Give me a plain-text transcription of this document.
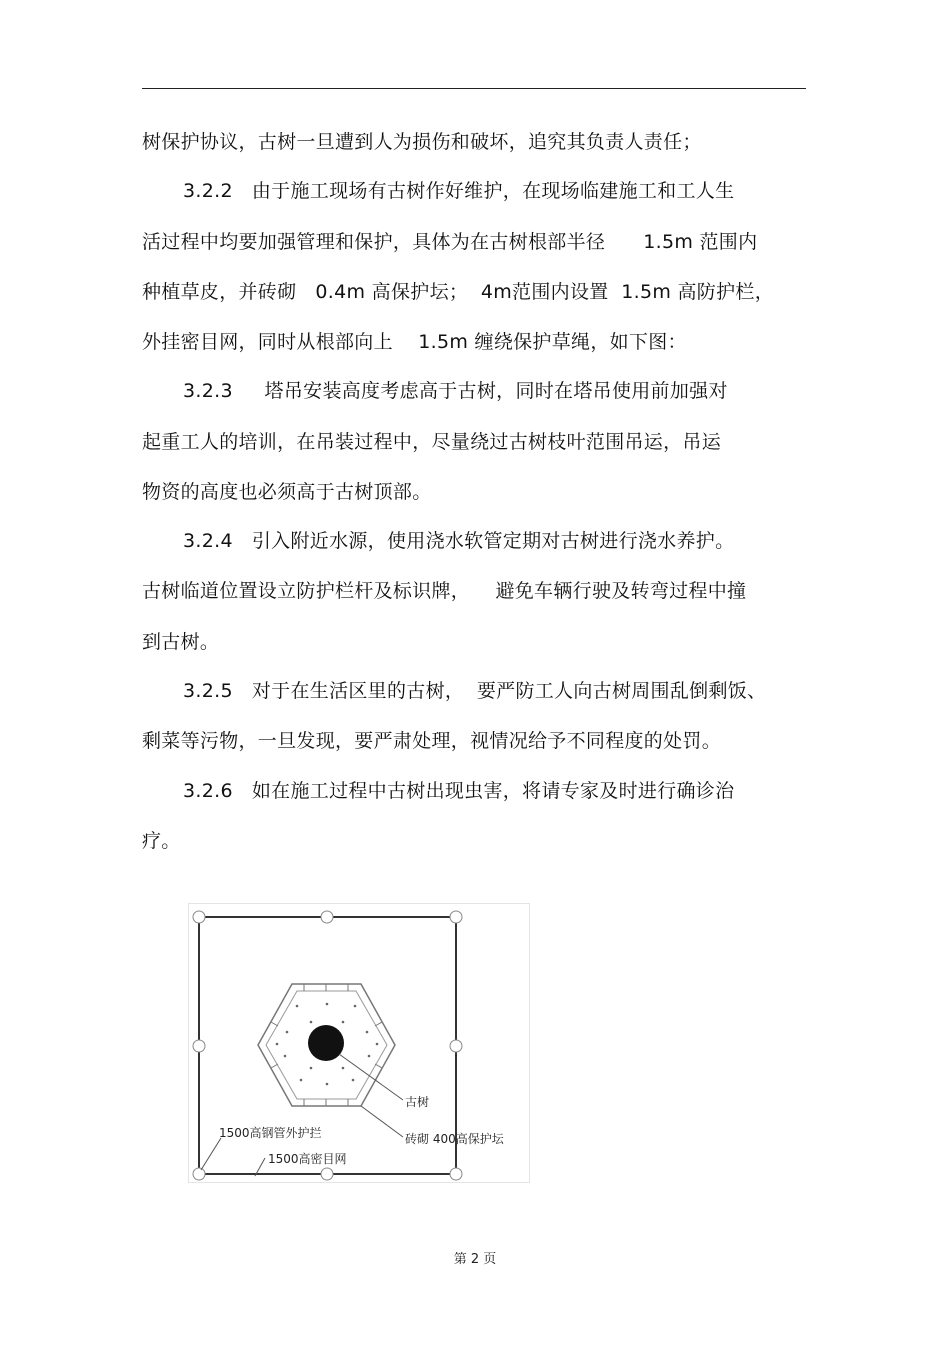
树保护协议，古树一旦遭到人为损伤和破坏，追究其负责人责任；
3.2.2   由于施工现场有古树作好维护，在现场临建施工和工人生
活过程中均要加强管理和保护，具体为在古树根部半径      1.5m 范围内
种植草皮，并砖砌   0.4m 高保护坛；  4m范围内设置  1.5m 高防护栏，
外挂密目网，同时从根部向上    1.5m 缠绕保护草绳，如下图：
3.2.3     塔吊安装高度考虑高于古树，同时在塔吊使用前加强对
起重工人的培训，在吊装过程中，尽量绕过古树枝叶范围吊运，吊运
物资的高度也必须高于古树顶部。
3.2.4   引入附近水源，使用浇水软管定期对古树进行浇水养护。
古树临道位置设立防护栏杆及标识牌，    避免车辆行驶及转弯过程中撞
到古树。
3.2.5   对于在生活区里的古树，  要严防工人向古树周围乱倒剩饭、
剩菜等污物，一旦发现，要严肃处理，视情况给予不同程度的处罚。
3.2.6   如在施工过程中古树出现虫害，将请专家及时进行确诊治
疗。
古树
砖砌 400高保护坛
1500高钢管外护拦
1500高密目网
第 2 页
